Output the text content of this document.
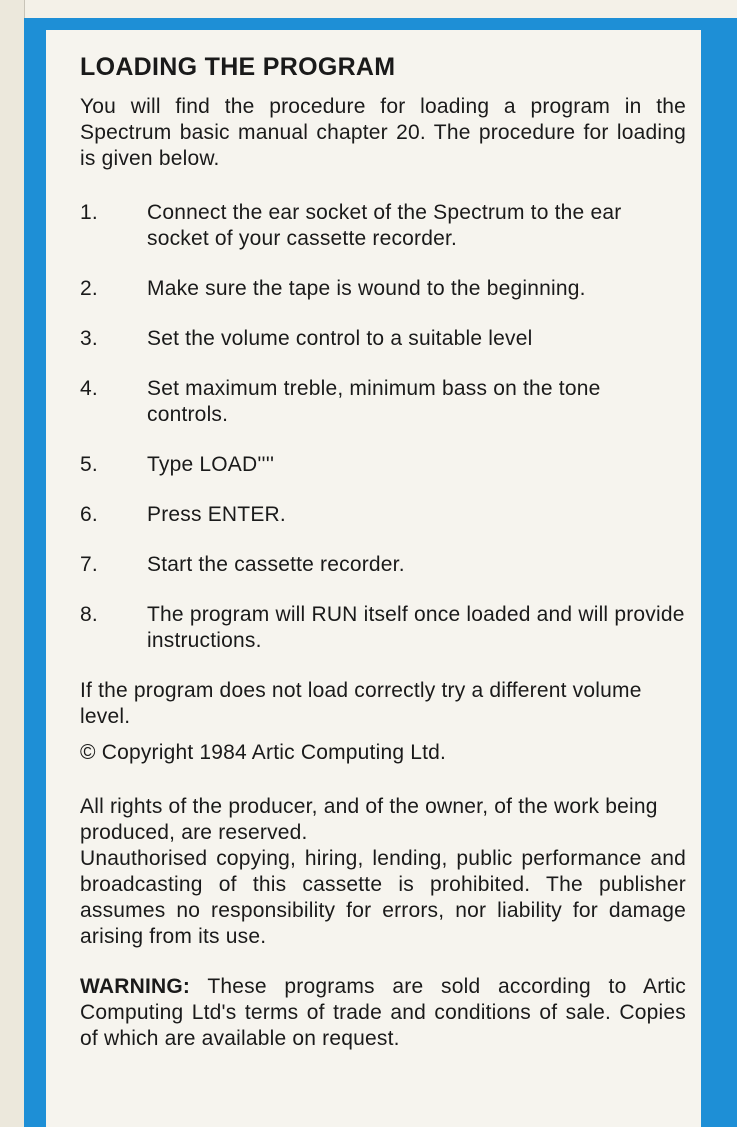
LOADING THE PROGRAM

You will find the procedure for loading a program in the Spectrum basic manual chapter 20. The procedure for loading is given below.

1.	Connect the ear socket of the Spectrum to the ear socket of your cassette recorder.
2.	Make sure the tape is wound to the beginning.
3.	Set the volume control to a suitable level
4.	Set maximum treble, minimum bass on the tone controls.
5.	Type LOAD''''
6.	Press ENTER.
7.	Start the cassette recorder.
8.	The program will RUN itself once loaded and will provide instructions.

If the program does not load correctly try a different volume level.

© Copyright 1984 Artic Computing Ltd.

All rights of the producer, and of the owner, of the work being produced, are reserved.

Unauthorised copying, hiring, lending, public performance and broadcasting of this cassette is prohibited. The publisher assumes no responsibility for errors, nor liability for damage arising from its use.

WARNING: These programs are sold according to Artic Computing Ltd's terms of trade and conditions of sale. Copies of which are available on request.
